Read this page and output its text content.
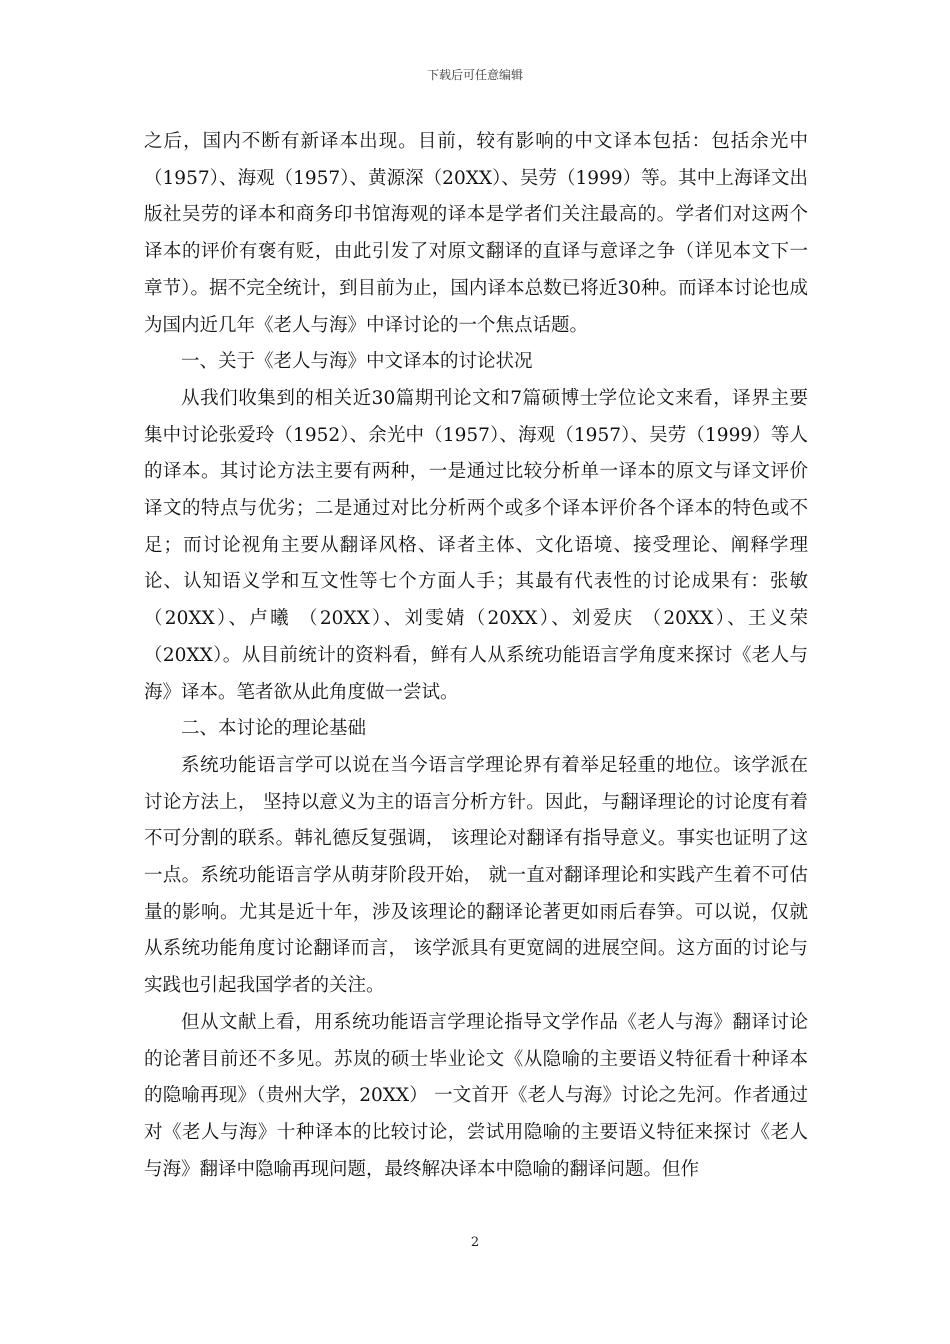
下载后可任意编辑

之后，国内不断有新译本出现。目前，较有影响的中文译本包括：包括余光中（1957）、海观（1957）、黄源深（20XX）、吴劳（1999）等。其中上海译文出版社吴劳的译本和商务印书馆海观的译本是学者们关注最高的。学者们对这两个译本的评价有褒有贬，由此引发了对原文翻译的直译与意译之争（详见本文下一章节）。据不完全统计，到目前为止，国内译本总数已将近30种。而译本讨论也成为国内近几年《老人与海》中译讨论的一个焦点话题。

一、关于《老人与海》中文译本的讨论状况

从我们收集到的相关近30篇期刊论文和7篇硕博士学位论文来看，译界主要集中讨论张爱玲（1952）、余光中（1957）、海观（1957）、吴劳（1999）等人的译本。其讨论方法主要有两种，一是通过比较分析单一译本的原文与译文评价译文的特点与优劣；二是通过对比分析两个或多个译本评价各个译本的特色或不足；而讨论视角主要从翻译风格、译者主体、文化语境、接受理论、阐释学理论、认知语义学和互文性等七个方面人手；其最有代表性的讨论成果有：张敏 （20XX）、卢曦 （20XX）、刘雯婧（20XX）、刘爱庆 （20XX）、王义荣（20XX）。从目前统计的资料看，鲜有人从系统功能语言学角度来探讨《老人与海》译本。笔者欲从此角度做一尝试。

二、本讨论的理论基础

系统功能语言学可以说在当今语言学理论界有着举足轻重的地位。该学派在讨论方法上， 坚持以意义为主的语言分析方针。因此，与翻译理论的讨论度有着不可分割的联系。韩礼德反复强调， 该理论对翻译有指导意义。事实也证明了这一点。系统功能语言学从萌芽阶段开始， 就一直对翻译理论和实践产生着不可估量的影响。尤其是近十年，涉及该理论的翻译论著更如雨后春笋。可以说，仅就从系统功能角度讨论翻译而言， 该学派具有更宽阔的进展空间。这方面的讨论与实践也引起我国学者的关注。

但从文献上看，用系统功能语言学理论指导文学作品《老人与海》翻译讨论的论著目前还不多见。苏岚的硕士毕业论文《从隐喻的主要语义特征看十种译本的隐喻再现》（贵州大学，20XX） 一文首开《老人与海》讨论之先河。作者通过对《老人与海》十种译本的比较讨论，尝试用隐喻的主要语义特征来探讨《老人与海》翻译中隐喻再现问题，最终解决译本中隐喻的翻译问题。但作

2
